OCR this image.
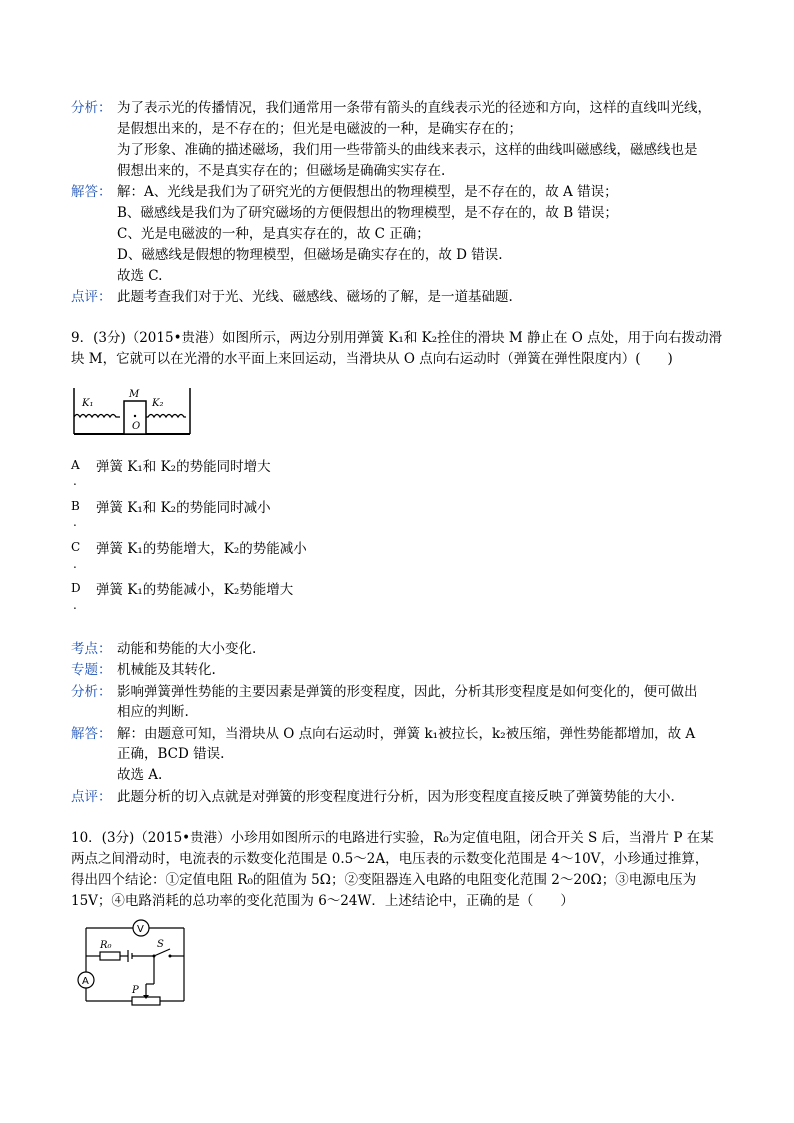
分析： 为了表示光的传播情况，我们通常用一条带有箭头的直线表示光的径迹和方向，这样的直线叫光线，
是假想出来的，是不存在的；但光是电磁波的一种，是确实存在的；
为了形象、准确的描述磁场，我们用一些带箭头的曲线来表示，这样的曲线叫磁感线，磁感线也是
假想出来的，不是真实存在的；但磁场是确确实实存在.
解答： 解：A、光线是我们为了研究光的方便假想出的物理模型，是不存在的，故 A 错误；
B、磁感线是我们为了研究磁场的方便假想出的物理模型，是不存在的，故 B 错误；
C、光是电磁波的一种，是真实存在的，故 C 正确；
D、磁感线是假想的物理模型，但磁场是确实存在的，故 D 错误.
故选 C.
点评： 此题考查我们对于光、光线、磁感线、磁场的了解，是一道基础题.
9．(3分)（2015•贵港）如图所示，两边分别用弹簧 K₁和 K₂拴住的滑块 M 静止在 O 点处，用于向右拨动滑
块 M，它就可以在光滑的水平面上来回运动，当滑块从 O 点向右运动时（弹簧在弹性限度内）(　　)
K₁
M
O
K₂
A 弹簧 K₁和 K₂的势能同时增大
.
B 弹簧 K₁和 K₂的势能同时减小
.
C 弹簧 K₁的势能增大，K₂的势能减小
.
D 弹簧 K₁的势能减小，K₂势能增大
.
考点： 动能和势能的大小变化.
专题： 机械能及其转化.
分析： 影响弹簧弹性势能的主要因素是弹簧的形变程度，因此，分析其形变程度是如何变化的，便可做出
相应的判断.
解答： 解：由题意可知，当滑块从 O 点向右运动时，弹簧 k₁被拉长，k₂被压缩，弹性势能都增加，故 A
正确，BCD 错误.
故选 A.
点评： 此题分析的切入点就是对弹簧的形变程度进行分析，因为形变程度直接反映了弹簧势能的大小.
10．(3分)（2015•贵港）小珍用如图所示的电路进行实验，R₀为定值电阻，闭合开关 S 后，当滑片 P 在某
两点之间滑动时，电流表的示数变化范围是 0.5～2A，电压表的示数变化范围是 4～10V，小珍通过推算，
得出四个结论：①定值电阻 R₀的阻值为 5Ω；②变阻器连入电路的电阻变化范围 2～20Ω；③电源电压为
15V；④电路消耗的总功率的变化范围为 6～24W．上述结论中，正确的是（　　）
V
A
R₀	S
P
